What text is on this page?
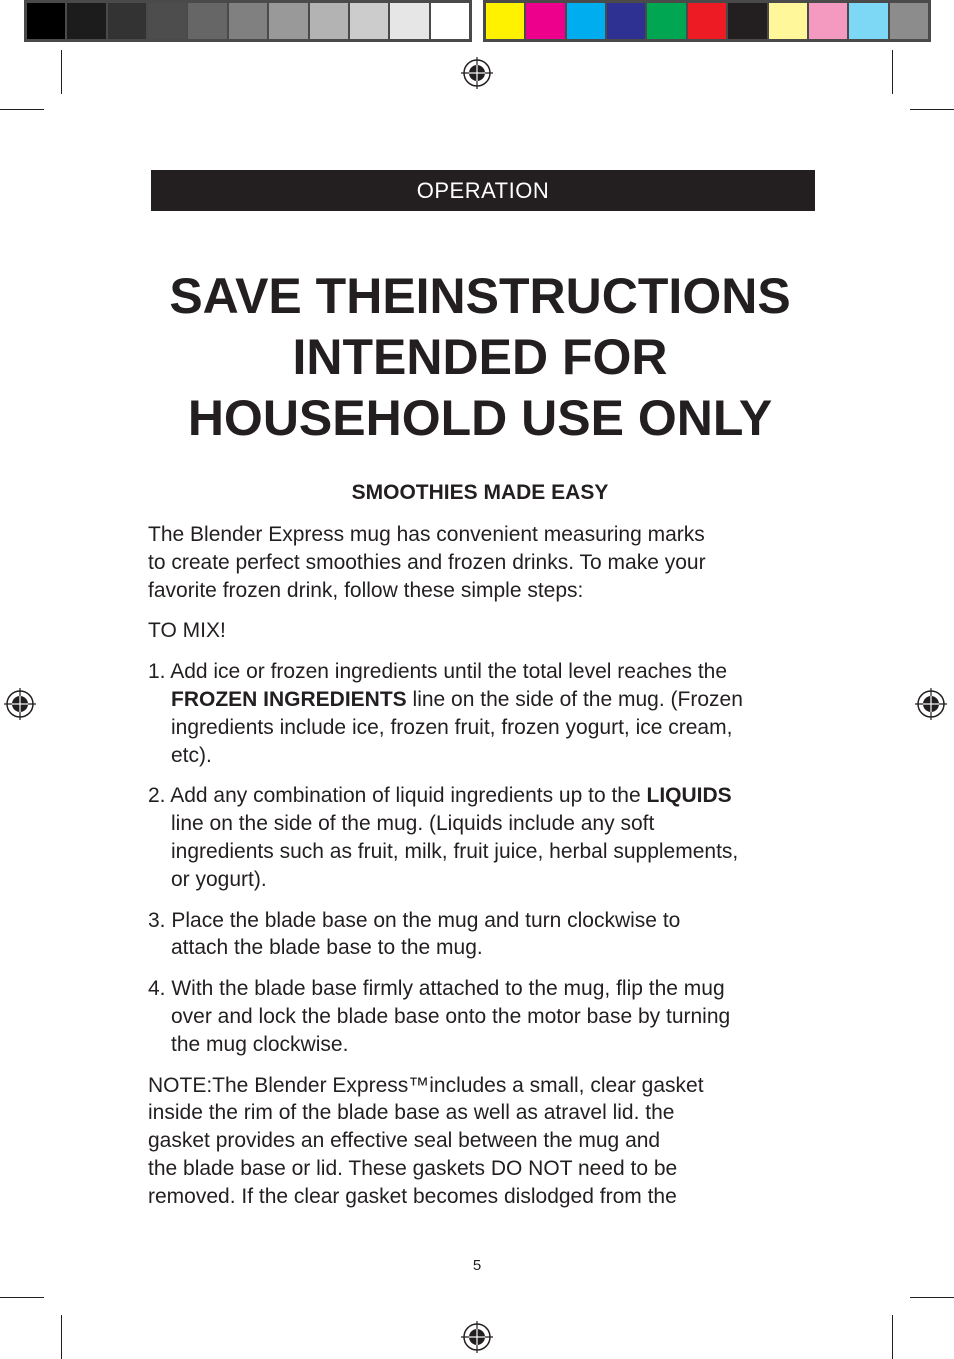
OPERATION
SAVE THEINSTRUCTIONS
INTENDED FOR
HOUSEHOLD USE ONLY
SMOOTHIES MADE EASY

The Blender Express mug has convenient measuring marks
to create perfect smoothies and frozen drinks. To make your
favorite frozen drink, follow these simple steps:

TO MIX!

1. Add ice or frozen ingredients until the total level reaches the
FROZEN INGREDIENTS line on the side of the mug. (Frozen
ingredients include ice, frozen fruit, frozen yogurt, ice cream,
etc).
2. Add any combination of liquid ingredients up to the LIQUIDS
line on the side of the mug. (Liquids include any soft
ingredients such as fruit, milk, fruit juice, herbal supplements,
or yogurt).
3. Place the blade base on the mug and turn clockwise to
attach the blade base to the mug.
4. With the blade base firmly attached to the mug, flip the mug
over and lock the blade base onto the motor base by turning
the mug clockwise.

NOTE:The Blender Express™includes a small, clear gasket
inside the rim of the blade base as well as atravel lid. the
gasket provides an effective seal between the mug and
the blade base or lid. These gaskets DO NOT need to be
removed. If the clear gasket becomes dislodged from the

5
